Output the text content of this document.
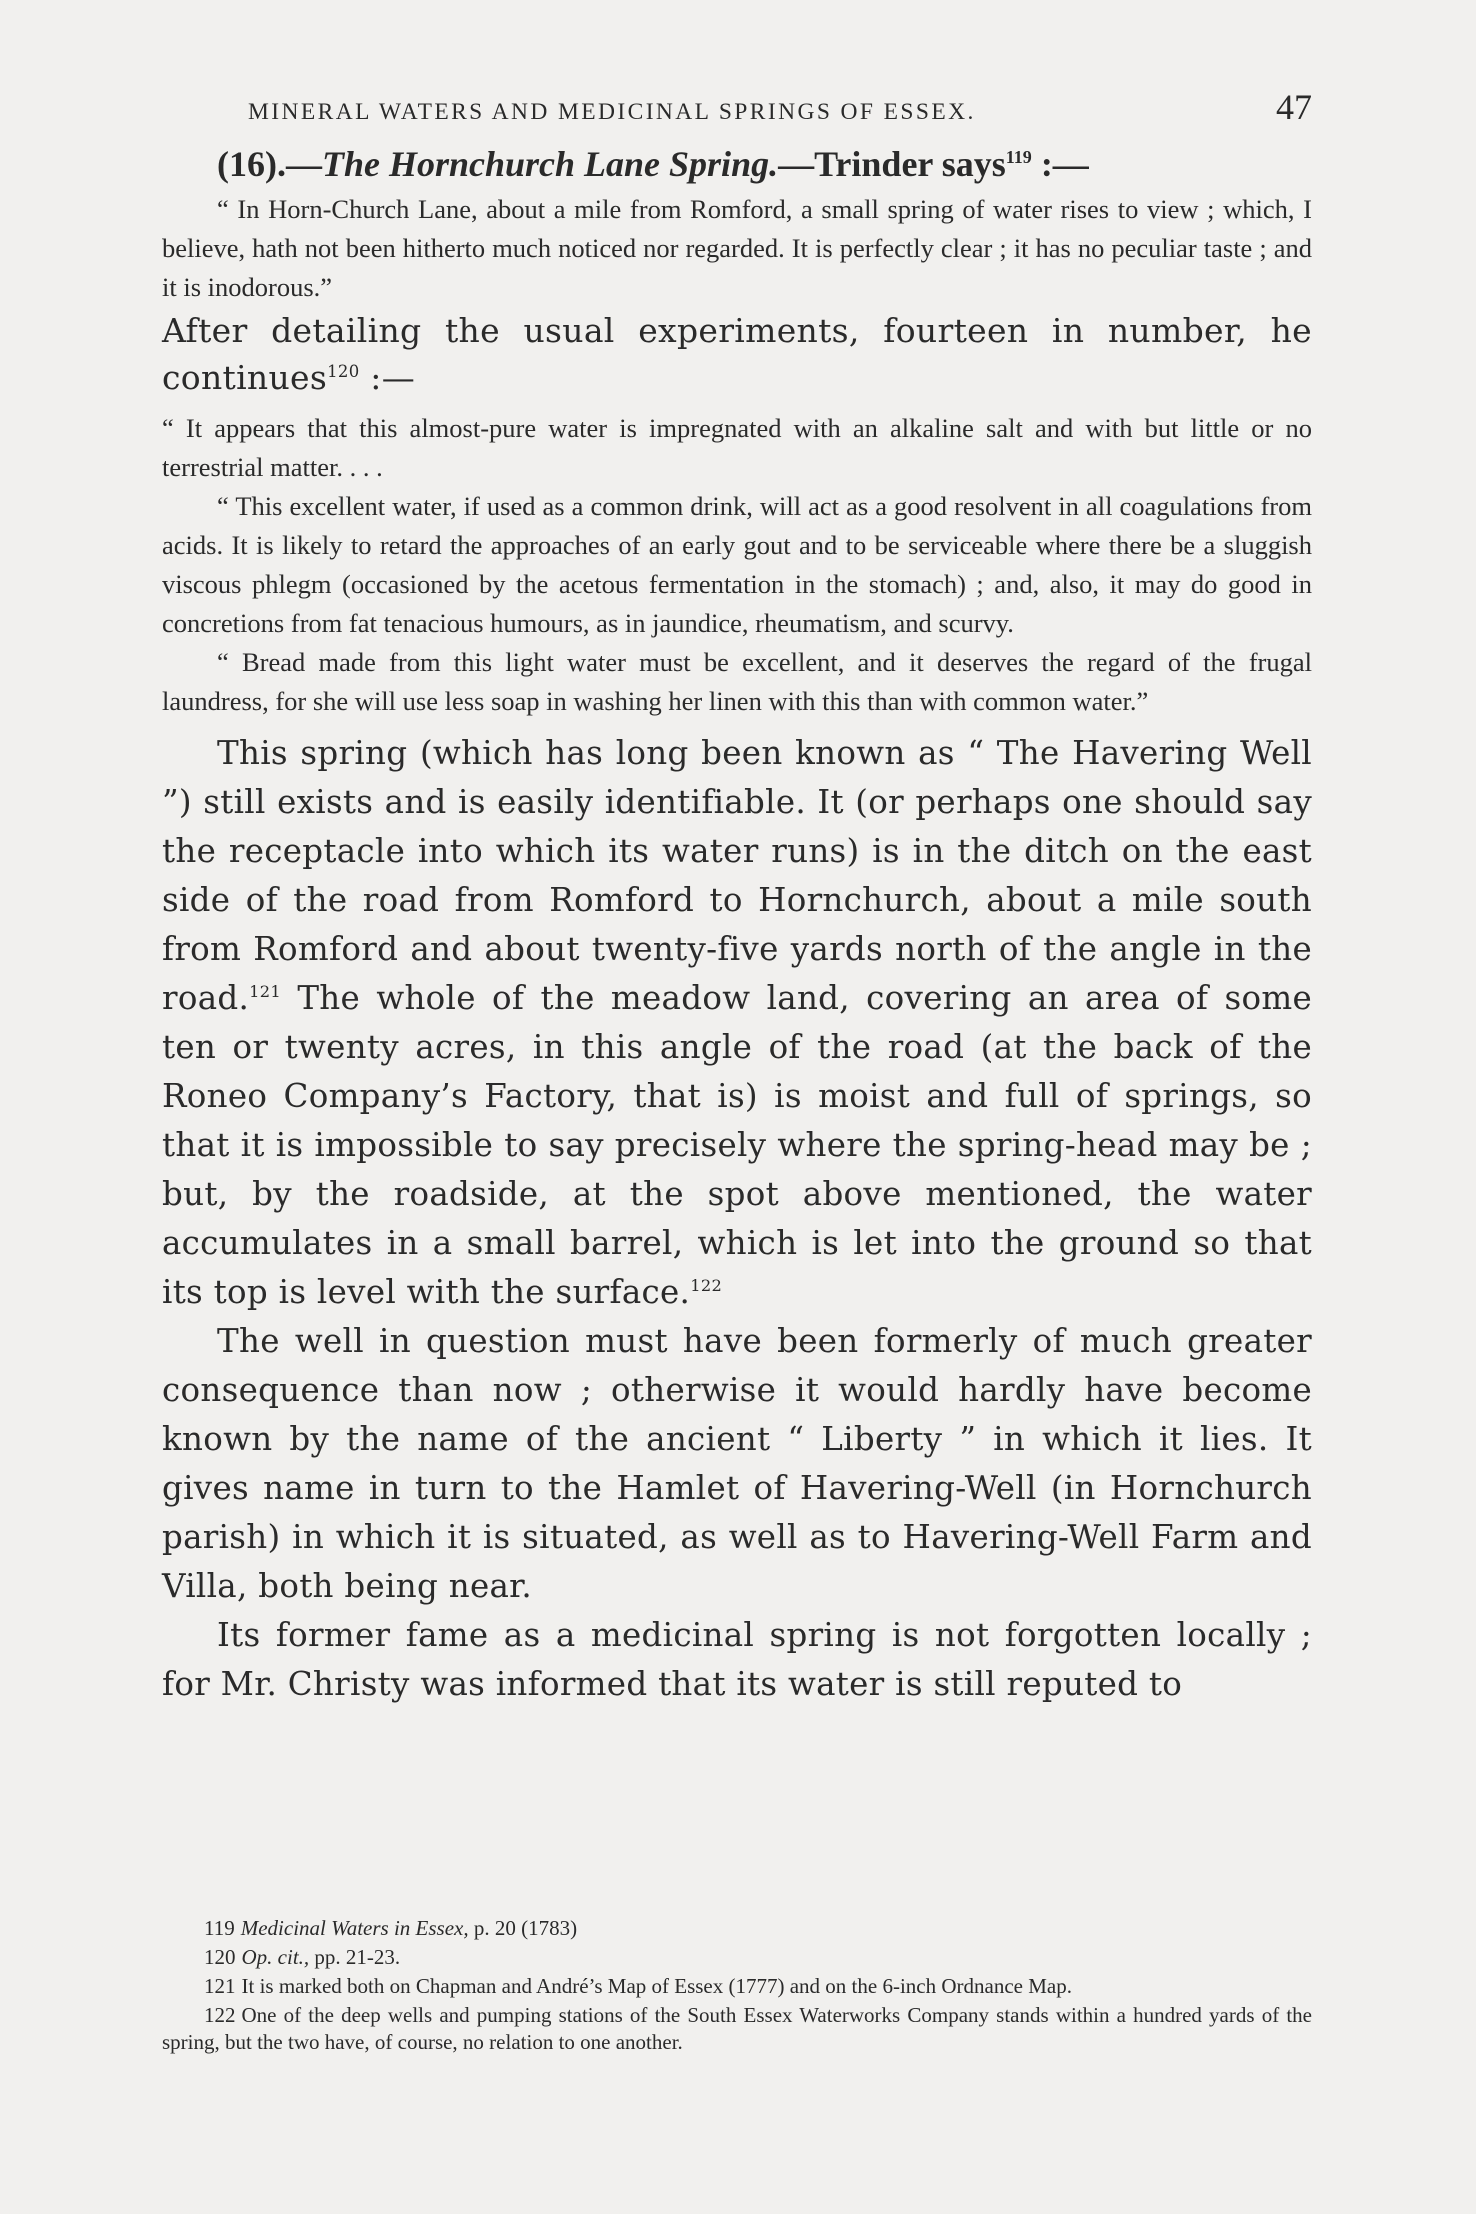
MINERAL WATERS AND MEDICINAL SPRINGS OF ESSEX.	47
(16).—The Hornchurch Lane Spring.—Trinder says$^{119}$ :—

“ In Horn-Church Lane, about a mile from Romford, a small spring of water rises to view ; which, I believe, hath not been hitherto much noticed nor regarded. It is perfectly clear ; it has no peculiar taste ; and it is inodorous.”

After detailing the usual experiments, fourteen in number, he continues$^{120}$ :—

“ It appears that this almost-pure water is impregnated with an alkaline salt and with but little or no terrestrial matter. . . .

“ This excellent water, if used as a common drink, will act as a good resolvent in all coagulations from acids. It is likely to retard the approaches of an early gout and to be serviceable where there be a sluggish viscous phlegm (occasioned by the acetous fermentation in the stomach) ; and, also, it may do good in concretions from fat tenacious humours, as in jaundice, rheumatism, and scurvy.

“ Bread made from this light water must be excellent, and it deserves the regard of the frugal laundress, for she will use less soap in washing her linen with this than with common water.”

This spring (which has long been known as “ The Havering Well ”) still exists and is easily identifiable. It (or perhaps one should say the receptacle into which its water runs) is in the ditch on the east side of the road from Romford to Hornchurch, about a mile south from Romford and about twenty-five yards north of the angle in the road.$^{121}$ The whole of the meadow land, covering an area of some ten or twenty acres, in this angle of the road (at the back of the Roneo Company’s Factory, that is) is moist and full of springs, so that it is impossible to say precisely where the spring-head may be ; but, by the roadside, at the spot above mentioned, the water accumulates in a small barrel, which is let into the ground so that its top is level with the surface.$^{122}$

The well in question must have been formerly of much greater consequence than now ; otherwise it would hardly have become known by the name of the ancient “ Liberty ” in which it lies. It gives name in turn to the Hamlet of Havering-Well (in Hornchurch parish) in which it is situated, as well as to Havering-Well Farm and Villa, both being near.

Its former fame as a medicinal spring is not forgotten locally ; for Mr. Christy was informed that its water is still reputed to

119 Medicinal Waters in Essex, p. 20 (1783)

120 Op. cit., pp. 21-23.

121 It is marked both on Chapman and André’s Map of Essex (1777) and on the 6-inch Ordnance Map.

122 One of the deep wells and pumping stations of the South Essex Waterworks Company stands within a hundred yards of the spring, but the two have, of course, no relation to one another.
